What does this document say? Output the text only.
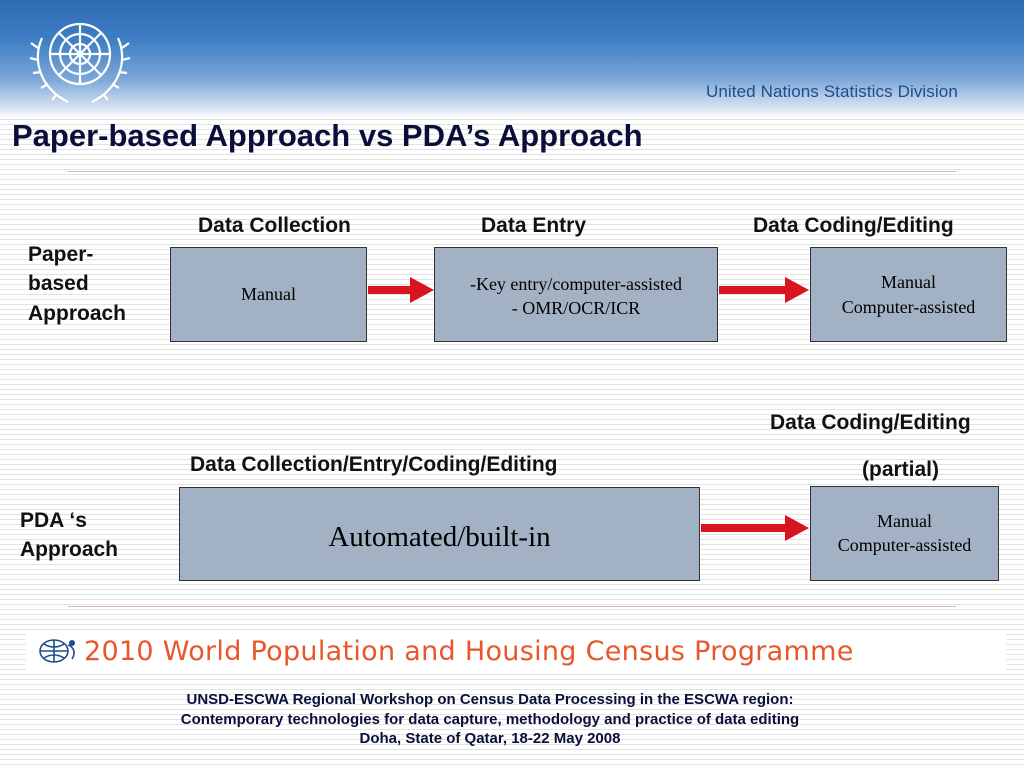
United Nations Statistics Division
Paper-based Approach vs PDA’s Approach
Data Collection	Data Entry	Data Coding/Editing
Paper-
based
Approach
Manual
-Key entry/computer-assisted
- OMR/OCR/ICR
Manual
Computer-assisted
Data Coding/Editing
(partial)
Data Collection/Entry/Coding/Editing
PDA ‘s
Approach	Automated/built-in	Manual
Computer-assisted
2010 World Population and Housing Census Programme
UNSD-ESCWA Regional Workshop on Census Data Processing in the ESCWA region:
Contemporary technologies for data capture, methodology and practice of data editing
Doha, State of Qatar, 18-22 May 2008
